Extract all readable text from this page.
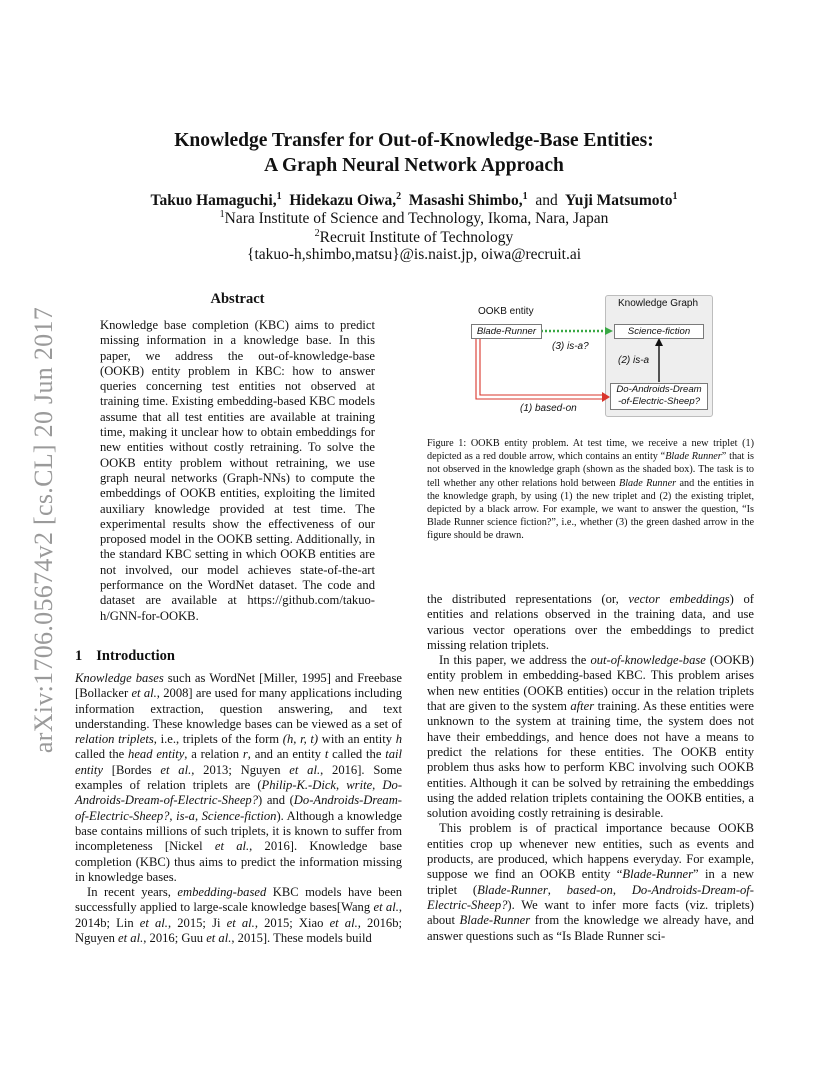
arXiv:1706.05674v2 [cs.CL] 20 Jun 2017
Knowledge Transfer for Out-of-Knowledge-Base Entities:
A Graph Neural Network Approach
Takuo Hamaguchi,$^1$ Hidekazu Oiwa,$^2$ Masashi Shimbo,$^1$ and Yuji Matsumoto$^1$
$^1$Nara Institute of Science and Technology, Ikoma, Nara, Japan
$^2$Recruit Institute of Technology
{takuo-h,shimbo,matsu}@is.naist.jp, oiwa@recruit.ai
Abstract
Knowledge base completion (KBC) aims to predict missing information in a knowledge base. In this paper, we address the out-of-knowledge-base (OOKB) entity problem in KBC: how to answer queries concerning test entities not observed at training time. Existing embedding-based KBC models assume that all test entities are available at training time, making it unclear how to obtain embeddings for new entities without costly retraining. To solve the OOKB entity problem without retraining, we use graph neural networks (Graph-NNs) to compute the embeddings of OOKB entities, exploiting the limited auxiliary knowledge provided at test time. The experimental results show the effectiveness of our proposed model in the OOKB setting. Additionally, in the standard KBC setting in which OOKB entities are not involved, our model achieves state-of-the-art performance on the WordNet dataset. The code and dataset are available at https://github.com/takuo-h/GNN-for-OOKB.
1 Introduction

Knowledge bases such as WordNet [Miller, 1995] and Freebase [Bollacker et al., 2008] are used for many applications including information extraction, question answering, and text understanding. These knowledge bases can be viewed as a set of relation triplets, i.e., triplets of the form (h, r, t) with an entity h called the head entity, a relation r, and an entity t called the tail entity [Bordes et al., 2013; Nguyen et al., 2016]. Some examples of relation triplets are (Philip-K.-Dick, write, Do-Androids-Dream-of-Electric-Sheep?) and (Do-Androids-Dream-of-Electric-Sheep?, is-a, Science-fiction). Although a knowledge base contains millions of such triplets, it is known to suffer from incompleteness [Nickel et al., 2016]. Knowledge base completion (KBC) thus aims to predict the information missing in knowledge bases.

In recent years, embedding-based KBC models have been successfully applied to large-scale knowledge bases[Wang et al., 2014b; Lin et al., 2015; Ji et al., 2015; Xiao et al., 2016b; Nguyen et al., 2016; Guu et al., 2015]. These models build

Knowledge Graph
OOKB entity
Blade-Runner	Science-fiction
Do-Androids-Dream
-of-Electric-Sheep?
(3) is-a?
(2) is-a
(1) based-on
Figure 1: OOKB entity problem. At test time, we receive a new triplet (1) depicted as a red double arrow, which contains an entity “Blade Runner” that is not observed in the knowledge graph (shown as the shaded box). The task is to tell whether any other relations hold between Blade Runner and the entities in the knowledge graph, by using (1) the new triplet and (2) the existing triplet, depicted by a black arrow. For example, we want to answer the question, “Is Blade Runner science fiction?”, i.e., whether (3) the green dashed arrow in the figure should be drawn.

the distributed representations (or, vector embeddings) of entities and relations observed in the training data, and use various vector operations over the embeddings to predict missing relation triplets.

In this paper, we address the out-of-knowledge-base (OOKB) entity problem in embedding-based KBC. This problem arises when new entities (OOKB entities) occur in the relation triplets that are given to the system after training. As these entities were unknown to the system at training time, the system does not have their embeddings, and hence does not have a means to predict the relations for these entities. The OOKB entity problem thus asks how to perform KBC involving such OOKB entities. Although it can be solved by retraining the embeddings using the added relation triplets containing the OOKB entities, a solution avoiding costly retraining is desirable.

This problem is of practical importance because OOKB entities crop up whenever new entities, such as events and products, are produced, which happens everyday. For example, suppose we find an OOKB entity “Blade-Runner” in a new triplet (Blade-Runner, based-on, Do-Androids-Dream-of-Electric-Sheep?). We want to infer more facts (viz. triplets) about Blade-Runner from the knowledge we already have, and answer questions such as “Is Blade Runner sci-
